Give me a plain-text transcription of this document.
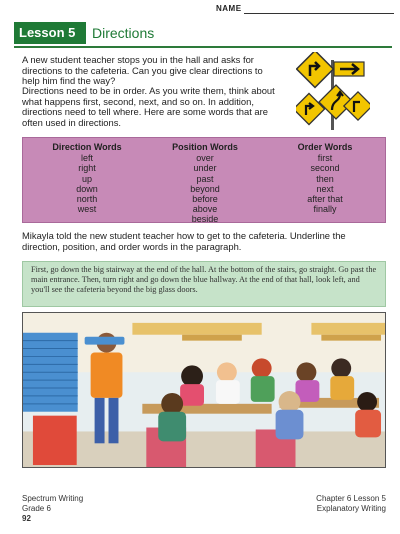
NAME
Lesson 5	Directions

A new student teacher stops you in the hall and asks for directions to the cafeteria. Can you give clear directions to help him find the way?

Directions need to be in order. As you write them, think about what happens first, second, next, and so on. In addition, directions need to tell where. Here are some words that are often used in directions.

Direction Words
left
right
up
down
north
west
Position Words
over
under
past
beyond
before
above
beside
Order Words
first
second
then
next
after that
finally

Mikayla told the new student teacher how to get to the cafeteria. Underline the direction, position, and order words in the paragraph.

First, go down the big stairway at the end of the hall. At the bottom of the stairs, go straight. Go past the main entrance. Then, turn right and go down the blue hallway. At the end of that hall, look left, and you'll see the cafeteria beyond the big glass doors.
Spectrum Writing
Grade 6
92
Chapter 6 Lesson 5
Explanatory Writing
